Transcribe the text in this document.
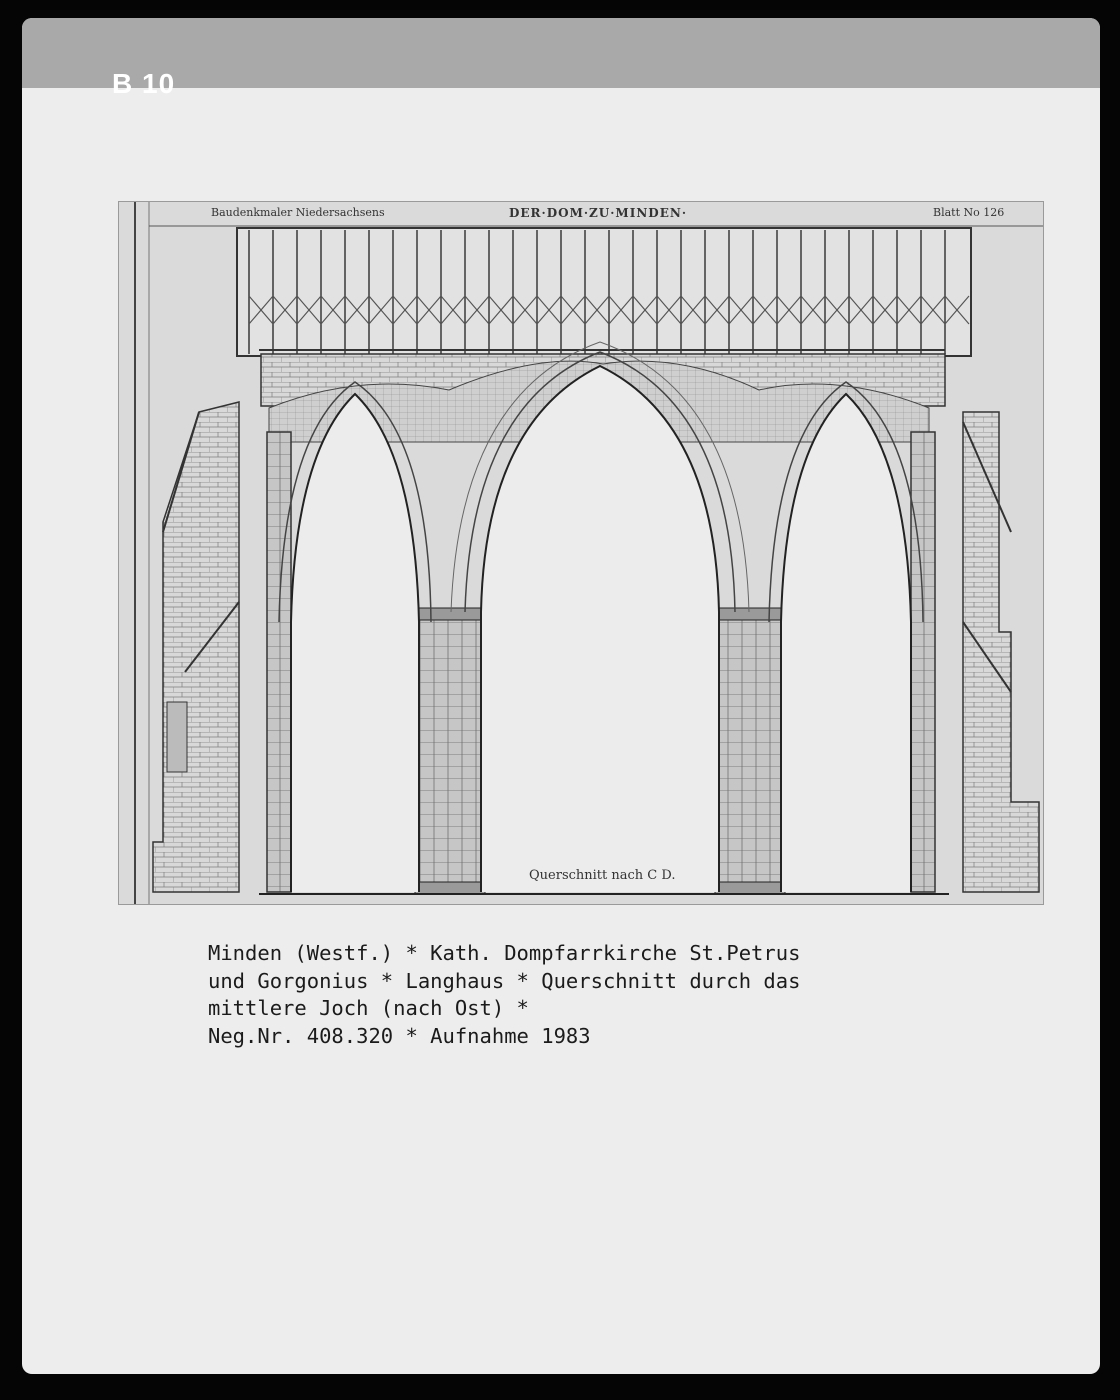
B 10
Baudenkmaler Niedersachsens	DER·DOM·ZU·MINDEN·	Blatt No 126
Querschnitt nach C D.
Minden (Westf.) * Kath. Dompfarrkirche St.Petrus
und Gorgonius * Langhaus * Querschnitt durch das
mittlere Joch (nach Ost) *
Neg.Nr. 408.320 * Aufnahme 1983
